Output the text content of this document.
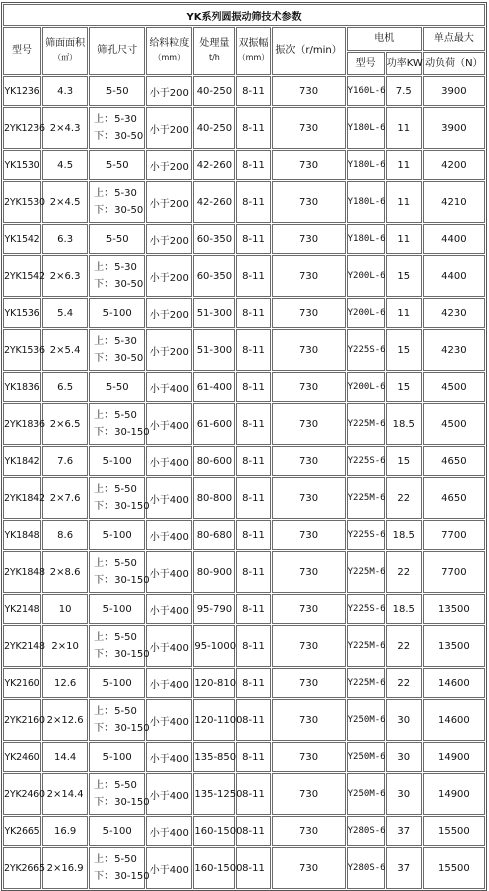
YK系列圆振动筛技术参数									

型号	筛面面积
（㎡）	筛孔尺寸	给料粒度
（mm）	处理量
t/h	双振幅
（mm）	振次（r/min）	电机		单点最大

							型号	功率KW	动负荷（N）

YK1236	4.3	5-50	小于200	40-250	8-11	730	Y160L-6	7.5	3900
2YK1236	2×4.3	上：5-30
下：30-50	小于200	40-250	8-11	730	Y180L-6	11	3900
YK1530	4.5	5-50	小于200	42-260	8-11	730	Y180L-6	11	4200
2YK1530	2×4.5	上：5-30
下：30-50	小于200	42-260	8-11	730	Y180L-6	11	4210
YK1542	6.3	5-50	小于200	60-350	8-11	730	Y180L-6	11	4400
2YK1542	2×6.3	上：5-30
下：30-50	小于200	60-350	8-11	730	Y200L-6	15	4400
YK1536	5.4	5-100	小于200	51-300	8-11	730	Y200L-6	11	4230
2YK1536	2×5.4	上：5-30
下：30-50	小于200	51-300	8-11	730	Y225S-6	15	4230
YK1836	6.5	5-50	小于400	61-400	8-11	730	Y200L-6	15	4500
2YK1836	2×6.5	上：5-50
下：30-150	小于400	61-600	8-11	730	Y225M-6	18.5	4500
YK1842	7.6	5-100	小于400	80-600	8-11	730	Y225S-6	15	4650
2YK1842	2×7.6	上：5-50
下：30-150	小于400	80-800	8-11	730	Y225M-6	22	4650
YK1848	8.6	5-100	小于400	80-680	8-11	730	Y225S-6	18.5	7700
2YK1848	2×8.6	上：5-50
下：30-150	小于400	80-900	8-11	730	Y225M-6	22	7700
YK2148	10	5-100	小于400	95-790	8-11	730	Y225S-6	18.5	13500
2YK2148	2×10	上：5-50
下：30-150	小于400	95-1000	8-11	730	Y225M-6	22	13500
YK2160	12.6	5-100	小于400	120-810	8-11	730	Y225M-6	22	14600
2YK2160	2×12.6	上：5-50
下：30-150	小于400	120-1100	8-11	730	Y250M-6	30	14600
YK2460	14.4	5-100	小于400	135-850	8-11	730	Y250M-6	30	14900
2YK2460	2×14.4	上：5-50
下：30-150	小于400	135-1250	8-11	730	Y250M-6	30	14900
YK2665	16.9	5-100	小于400	160-1500	8-11	730	Y280S-6	37	15500
2YK2665	2×16.9	上：5-50
下：30-150	小于400	160-1500	8-11	730	Y280S-6	37	15500
